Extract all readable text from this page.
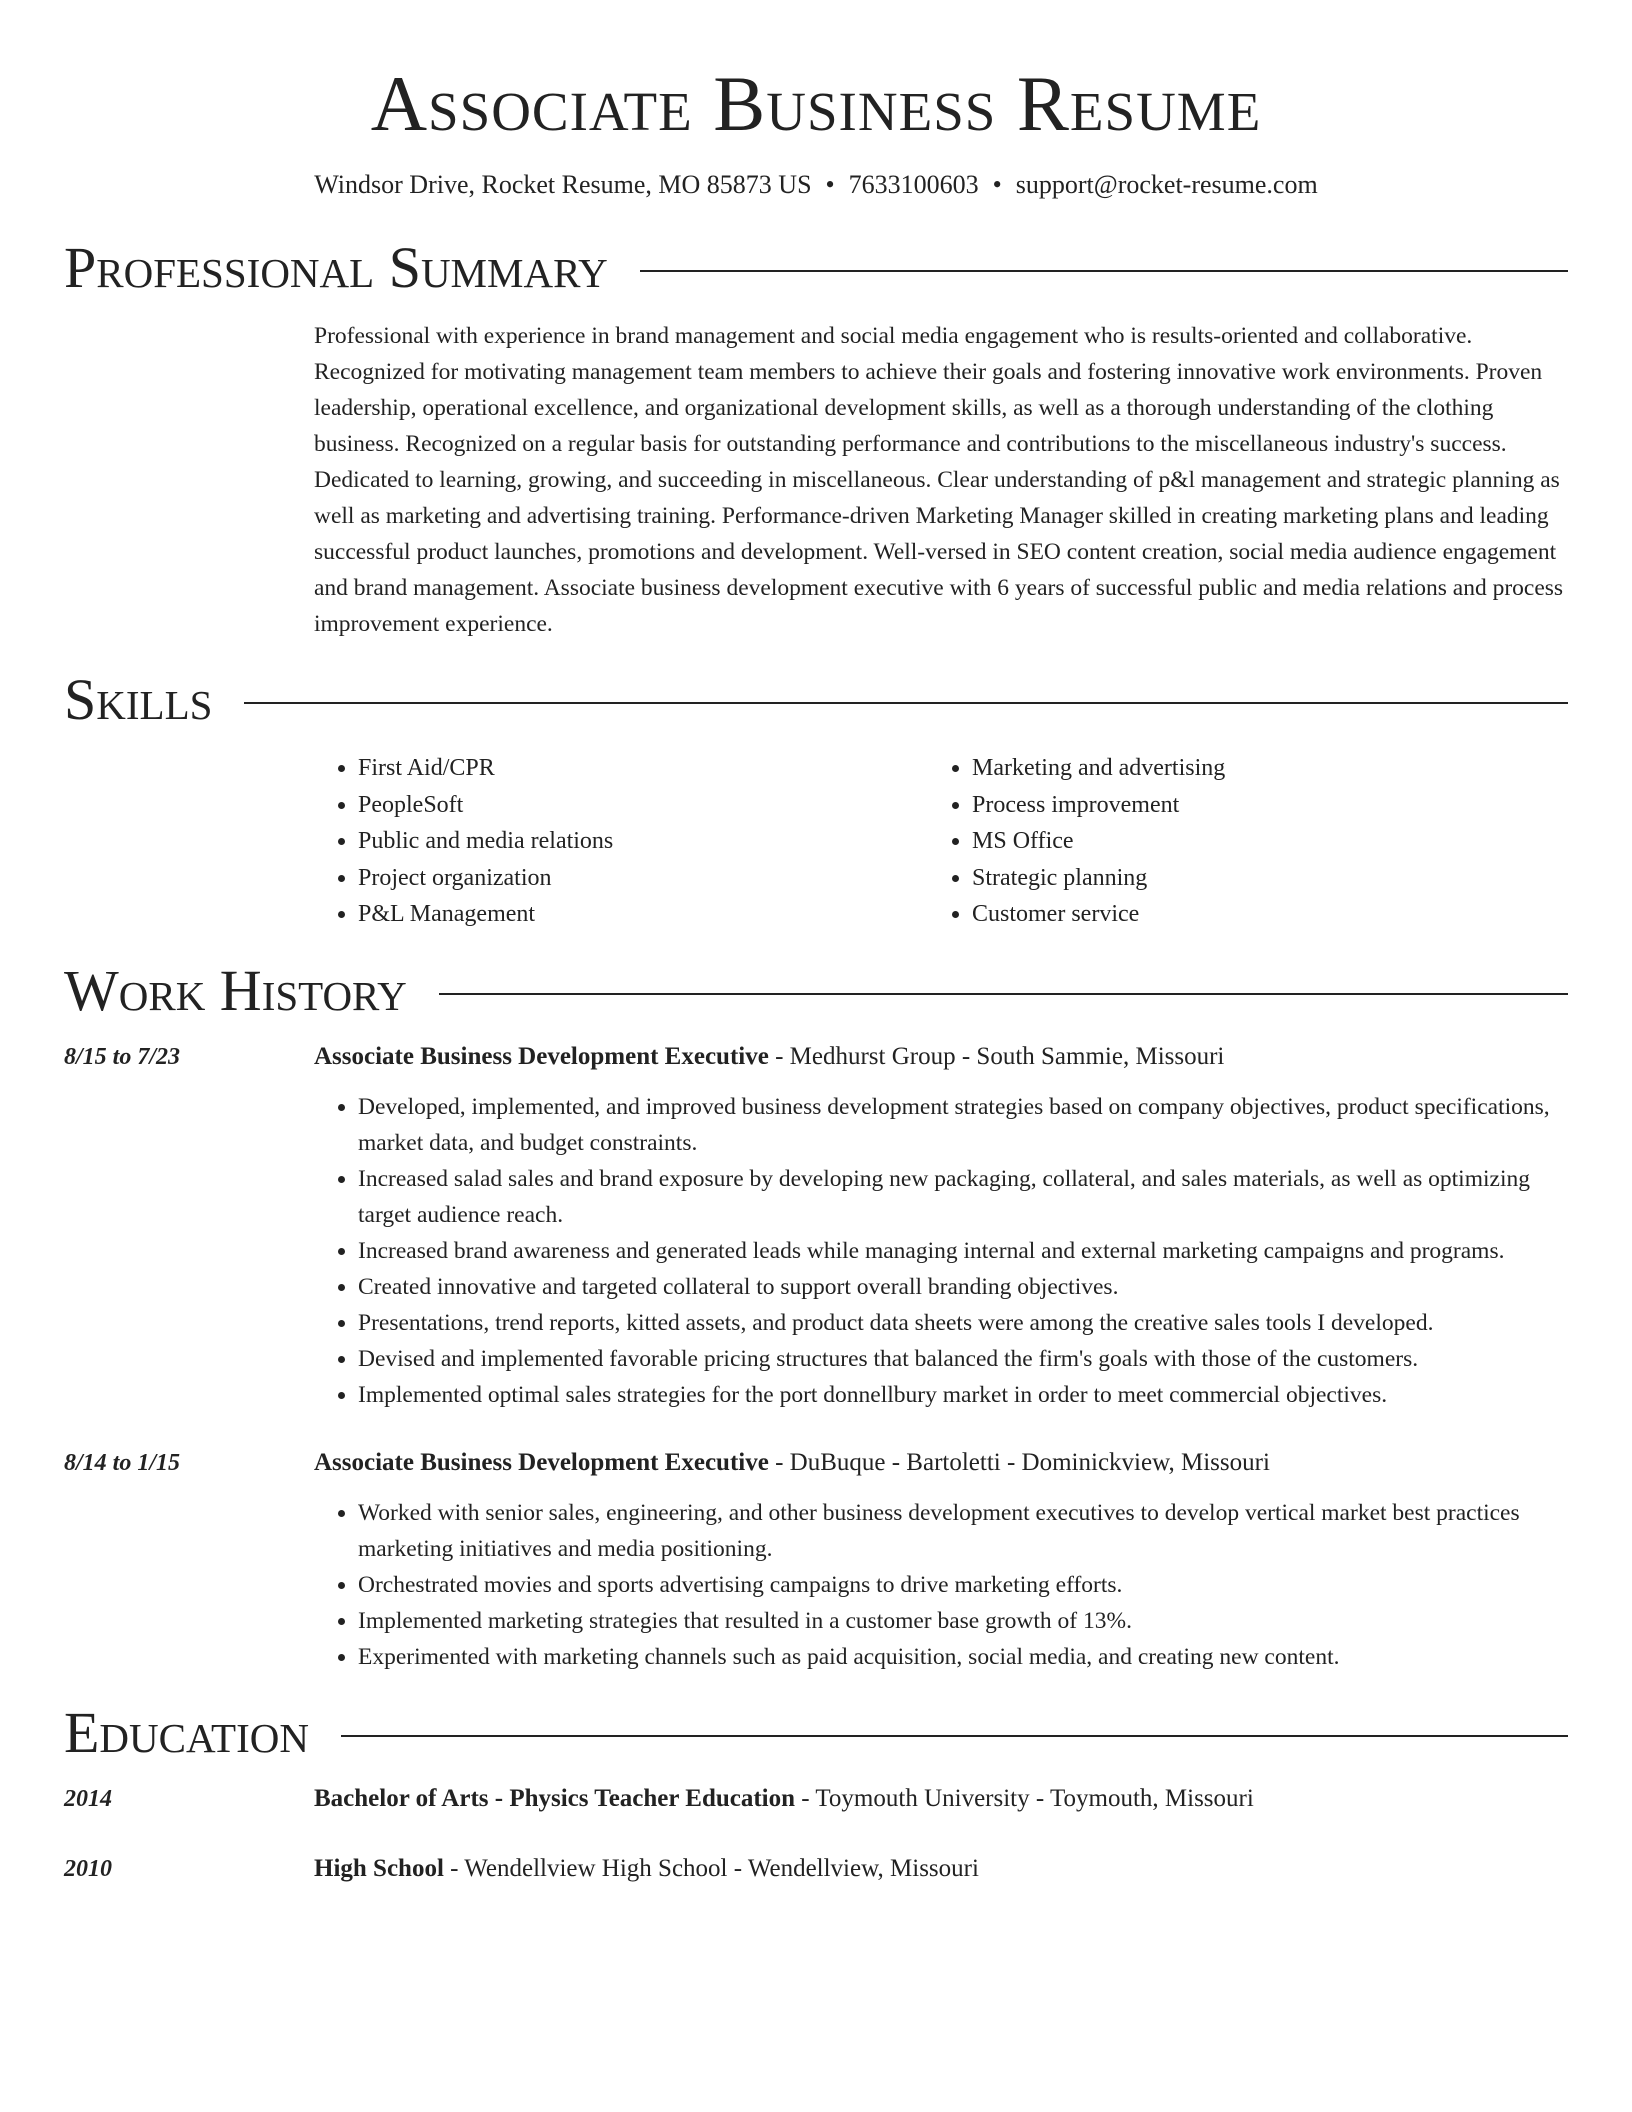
Associate Business Resume
Windsor Drive, Rocket Resume, MO 85873 US • 7633100603 • support@rocket-resume.com
Professional Summary
Professional with experience in brand management and social media engagement who is results-oriented and collaborative. Recognized for motivating management team members to achieve their goals and fostering innovative work environments. Proven leadership, operational excellence, and organizational development skills, as well as a thorough understanding of the clothing business. Recognized on a regular basis for outstanding performance and contributions to the miscellaneous industry's success. Dedicated to learning, growing, and succeeding in miscellaneous. Clear understanding of p&l management and strategic planning as well as marketing and advertising training. Performance-driven Marketing Manager skilled in creating marketing plans and leading successful product launches, promotions and development. Well-versed in SEO content creation, social media audience engagement and brand management. Associate business development executive with 6 years of successful public and media relations and process improvement experience.
Skills
• First Aid/CPR
• PeopleSoft
• Public and media relations
• Project organization
• P&L Management
• Marketing and advertising
• Process improvement
• MS Office
• Strategic planning
• Customer service
Work History
8/15 to 7/23	Associate Business Development Executive - Medhurst Group - South Sammie, Missouri
• Developed, implemented, and improved business development strategies based on company objectives, product specifications, market data, and budget constraints.
• Increased salad sales and brand exposure by developing new packaging, collateral, and sales materials, as well as optimizing target audience reach.
• Increased brand awareness and generated leads while managing internal and external marketing campaigns and programs.
• Created innovative and targeted collateral to support overall branding objectives.
• Presentations, trend reports, kitted assets, and product data sheets were among the creative sales tools I developed.
• Devised and implemented favorable pricing structures that balanced the firm's goals with those of the customers.
• Implemented optimal sales strategies for the port donnellbury market in order to meet commercial objectives.
8/14 to 1/15	Associate Business Development Executive - DuBuque - Bartoletti - Dominickview, Missouri
• Worked with senior sales, engineering, and other business development executives to develop vertical market best practices marketing initiatives and media positioning.
• Orchestrated movies and sports advertising campaigns to drive marketing efforts.
• Implemented marketing strategies that resulted in a customer base growth of 13%.
• Experimented with marketing channels such as paid acquisition, social media, and creating new content.
Education
2014	Bachelor of Arts - Physics Teacher Education - Toymouth University - Toymouth, Missouri
2010	High School - Wendellview High School - Wendellview, Missouri
